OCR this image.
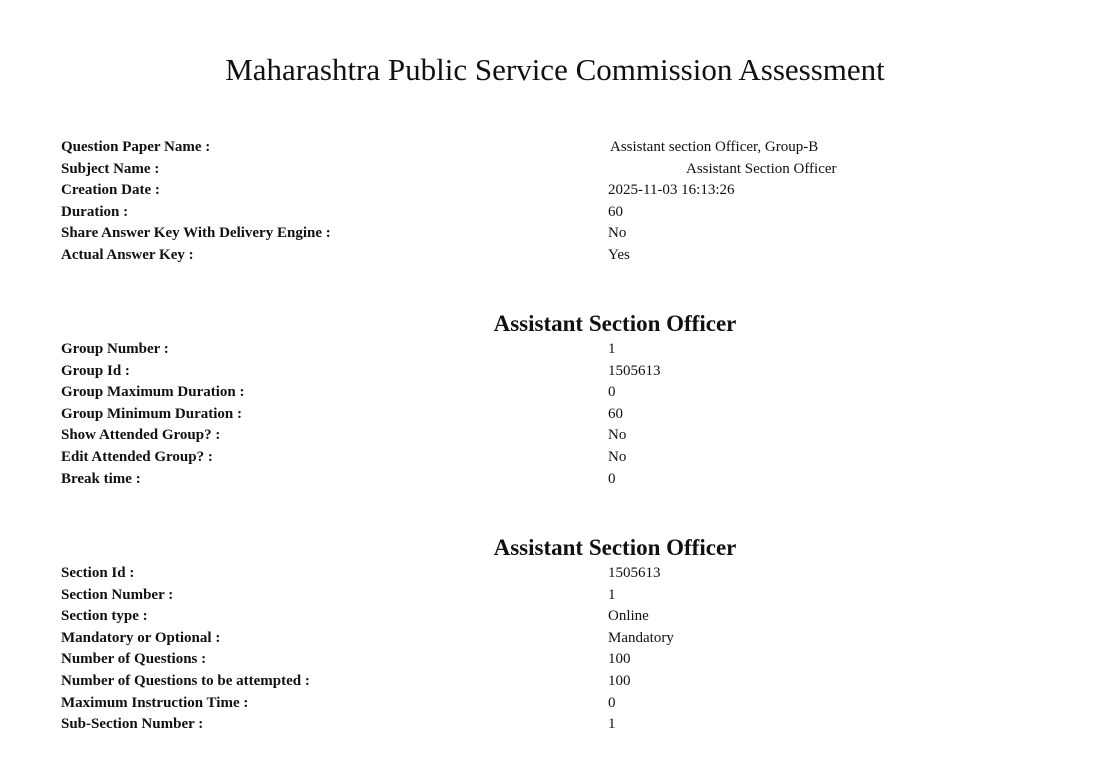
Maharashtra Public Service Commission Assessment
Question Paper Name :	Assistant section Officer, Group-B
Subject Name :	Assistant Section Officer
Creation Date :	2025-11-03 16:13:26
Duration :	60
Share Answer Key With Delivery Engine :	No
Actual Answer Key :	Yes
Assistant Section Officer
Group Number :	1
Group Id :	1505613
Group Maximum Duration :	0
Group Minimum Duration :	60
Show Attended Group? :	No
Edit Attended Group? :	No
Break time :	0
Assistant Section Officer
Section Id :	1505613
Section Number :	1
Section type :	Online
Mandatory or Optional :	Mandatory
Number of Questions :	100
Number of Questions to be attempted :	100
Maximum Instruction Time :	0
Sub-Section Number :	1
